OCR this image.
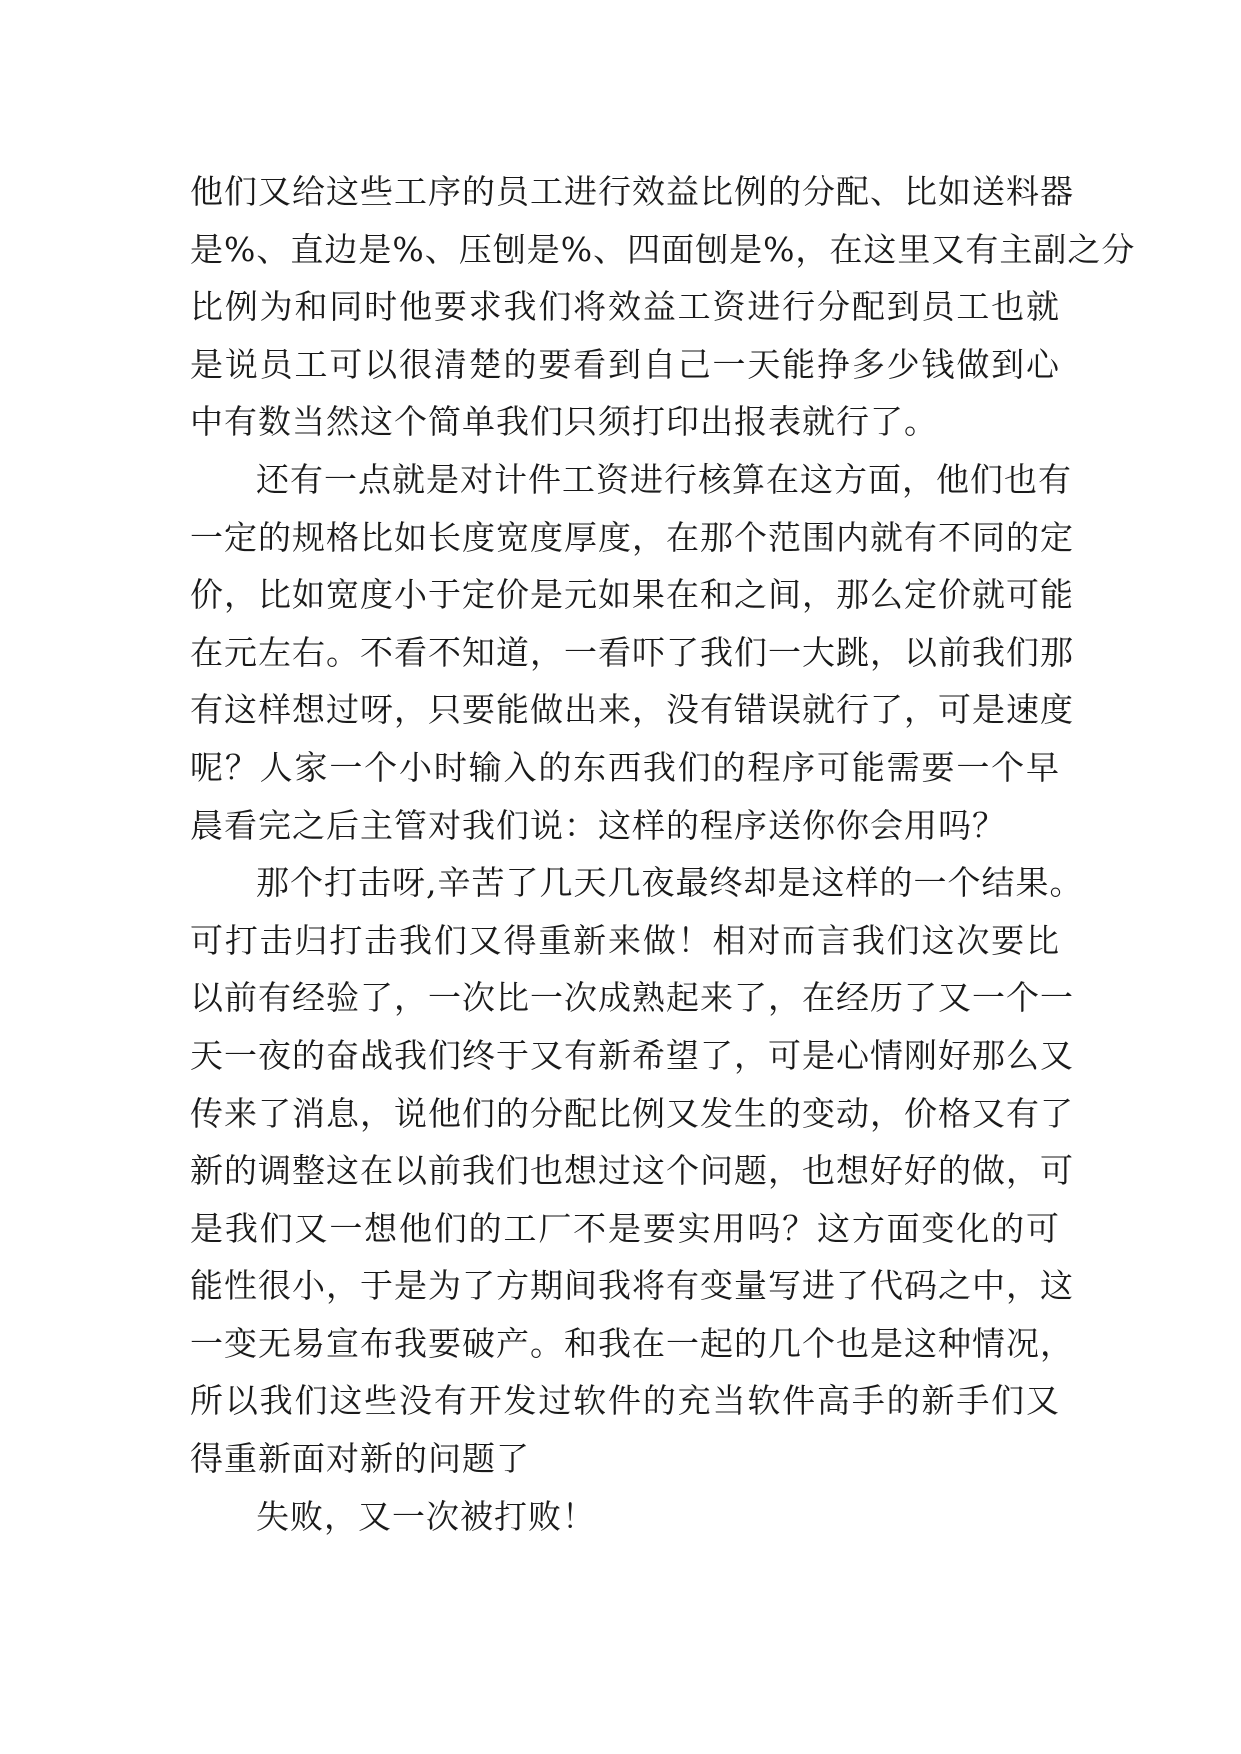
他们又给这些工序的员工进行效益比例的分配、比如送料器
是%、直边是%、压刨是%、四面刨是%，在这里又有主副之分
比例为和同时他要求我们将效益工资进行分配到员工也就
是说员工可以很清楚的要看到自己一天能挣多少钱做到心
中有数当然这个简单我们只须打印出报表就行了。
还有一点就是对计件工资进行核算在这方面，他们也有
一定的规格比如长度宽度厚度，在那个范围内就有不同的定
价，比如宽度小于定价是元如果在和之间，那么定价就可能
在元左右。不看不知道，一看吓了我们一大跳，以前我们那
有这样想过呀，只要能做出来，没有错误就行了，可是速度
呢？人家一个小时输入的东西我们的程序可能需要一个早
晨看完之后主管对我们说：这样的程序送你你会用吗？
那个打击呀,辛苦了几天几夜最终却是这样的一个结果。
可打击归打击我们又得重新来做！相对而言我们这次要比
以前有经验了，一次比一次成熟起来了，在经历了又一个一
天一夜的奋战我们终于又有新希望了，可是心情刚好那么又
传来了消息，说他们的分配比例又发生的变动，价格又有了
新的调整这在以前我们也想过这个问题，也想好好的做，可
是我们又一想他们的工厂不是要实用吗？这方面变化的可
能性很小，于是为了方期间我将有变量写进了代码之中，这
一变无易宣布我要破产。和我在一起的几个也是这种情况，
所以我们这些没有开发过软件的充当软件高手的新手们又
得重新面对新的问题了
失败，又一次被打败！
